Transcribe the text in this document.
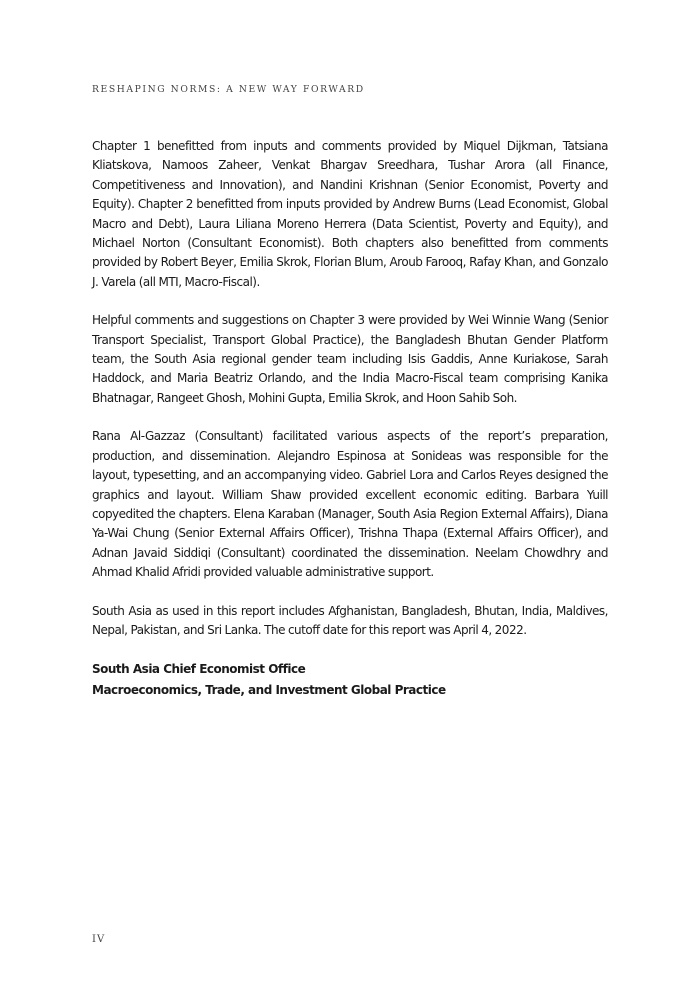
RESHAPING NORMS: A NEW WAY FORWARD

Chapter 1 benefitted from inputs and comments provided by Miquel Dijkman, Tatsiana Kliatskova, Namoos Zaheer, Venkat Bhargav Sreedhara, Tushar Arora (all Finance, Competitiveness and Innovation), and Nandini Krishnan (Senior Economist, Poverty and Equity). Chapter 2 benefitted from inputs provided by Andrew Burns (Lead Economist, Global Macro and Debt), Laura Liliana Moreno Herrera (Data Scientist, Poverty and Equity), and Michael Norton (Consultant Economist). Both chapters also benefitted from comments provided by Robert Beyer, Emilia Skrok, Florian Blum, Aroub Farooq, Rafay Khan, and Gonzalo J. Varela (all MTI, Macro-Fiscal).

Helpful comments and suggestions on Chapter 3 were provided by Wei Winnie Wang (Senior Transport Specialist, Transport Global Practice), the Bangladesh Bhutan Gender Platform team, the South Asia regional gender team including Isis Gaddis, Anne Kuriakose, Sarah Haddock, and Maria Beatriz Orlando, and the India Macro-Fiscal team comprising Kanika Bhatnagar, Rangeet Ghosh, Mohini Gupta, Emilia Skrok, and Hoon Sahib Soh.

Rana Al-Gazzaz (Consultant) facilitated various aspects of the report’s preparation, production, and dissemination. Alejandro Espinosa at Sonideas was responsible for the layout, typesetting, and an accompanying video. Gabriel Lora and Carlos Reyes designed the graphics and layout. William Shaw provided excellent economic editing. Barbara Yuill copyedited the chapters. Elena Karaban (Manager, South Asia Region External Affairs), Diana Ya-Wai Chung (Senior External Affairs Officer), Trishna Thapa (External Affairs Officer), and Adnan Javaid Siddiqi (Consultant) coordinated the dissemination. Neelam Chowdhry and Ahmad Khalid Afridi provided valuable administrative support.

South Asia as used in this report includes Afghanistan, Bangladesh, Bhutan, India, Maldives, Nepal, Pakistan, and Sri Lanka. The cutoff date for this report was April 4, 2022.

South Asia Chief Economist Office

Macroeconomics, Trade, and Investment Global Practice

IV
